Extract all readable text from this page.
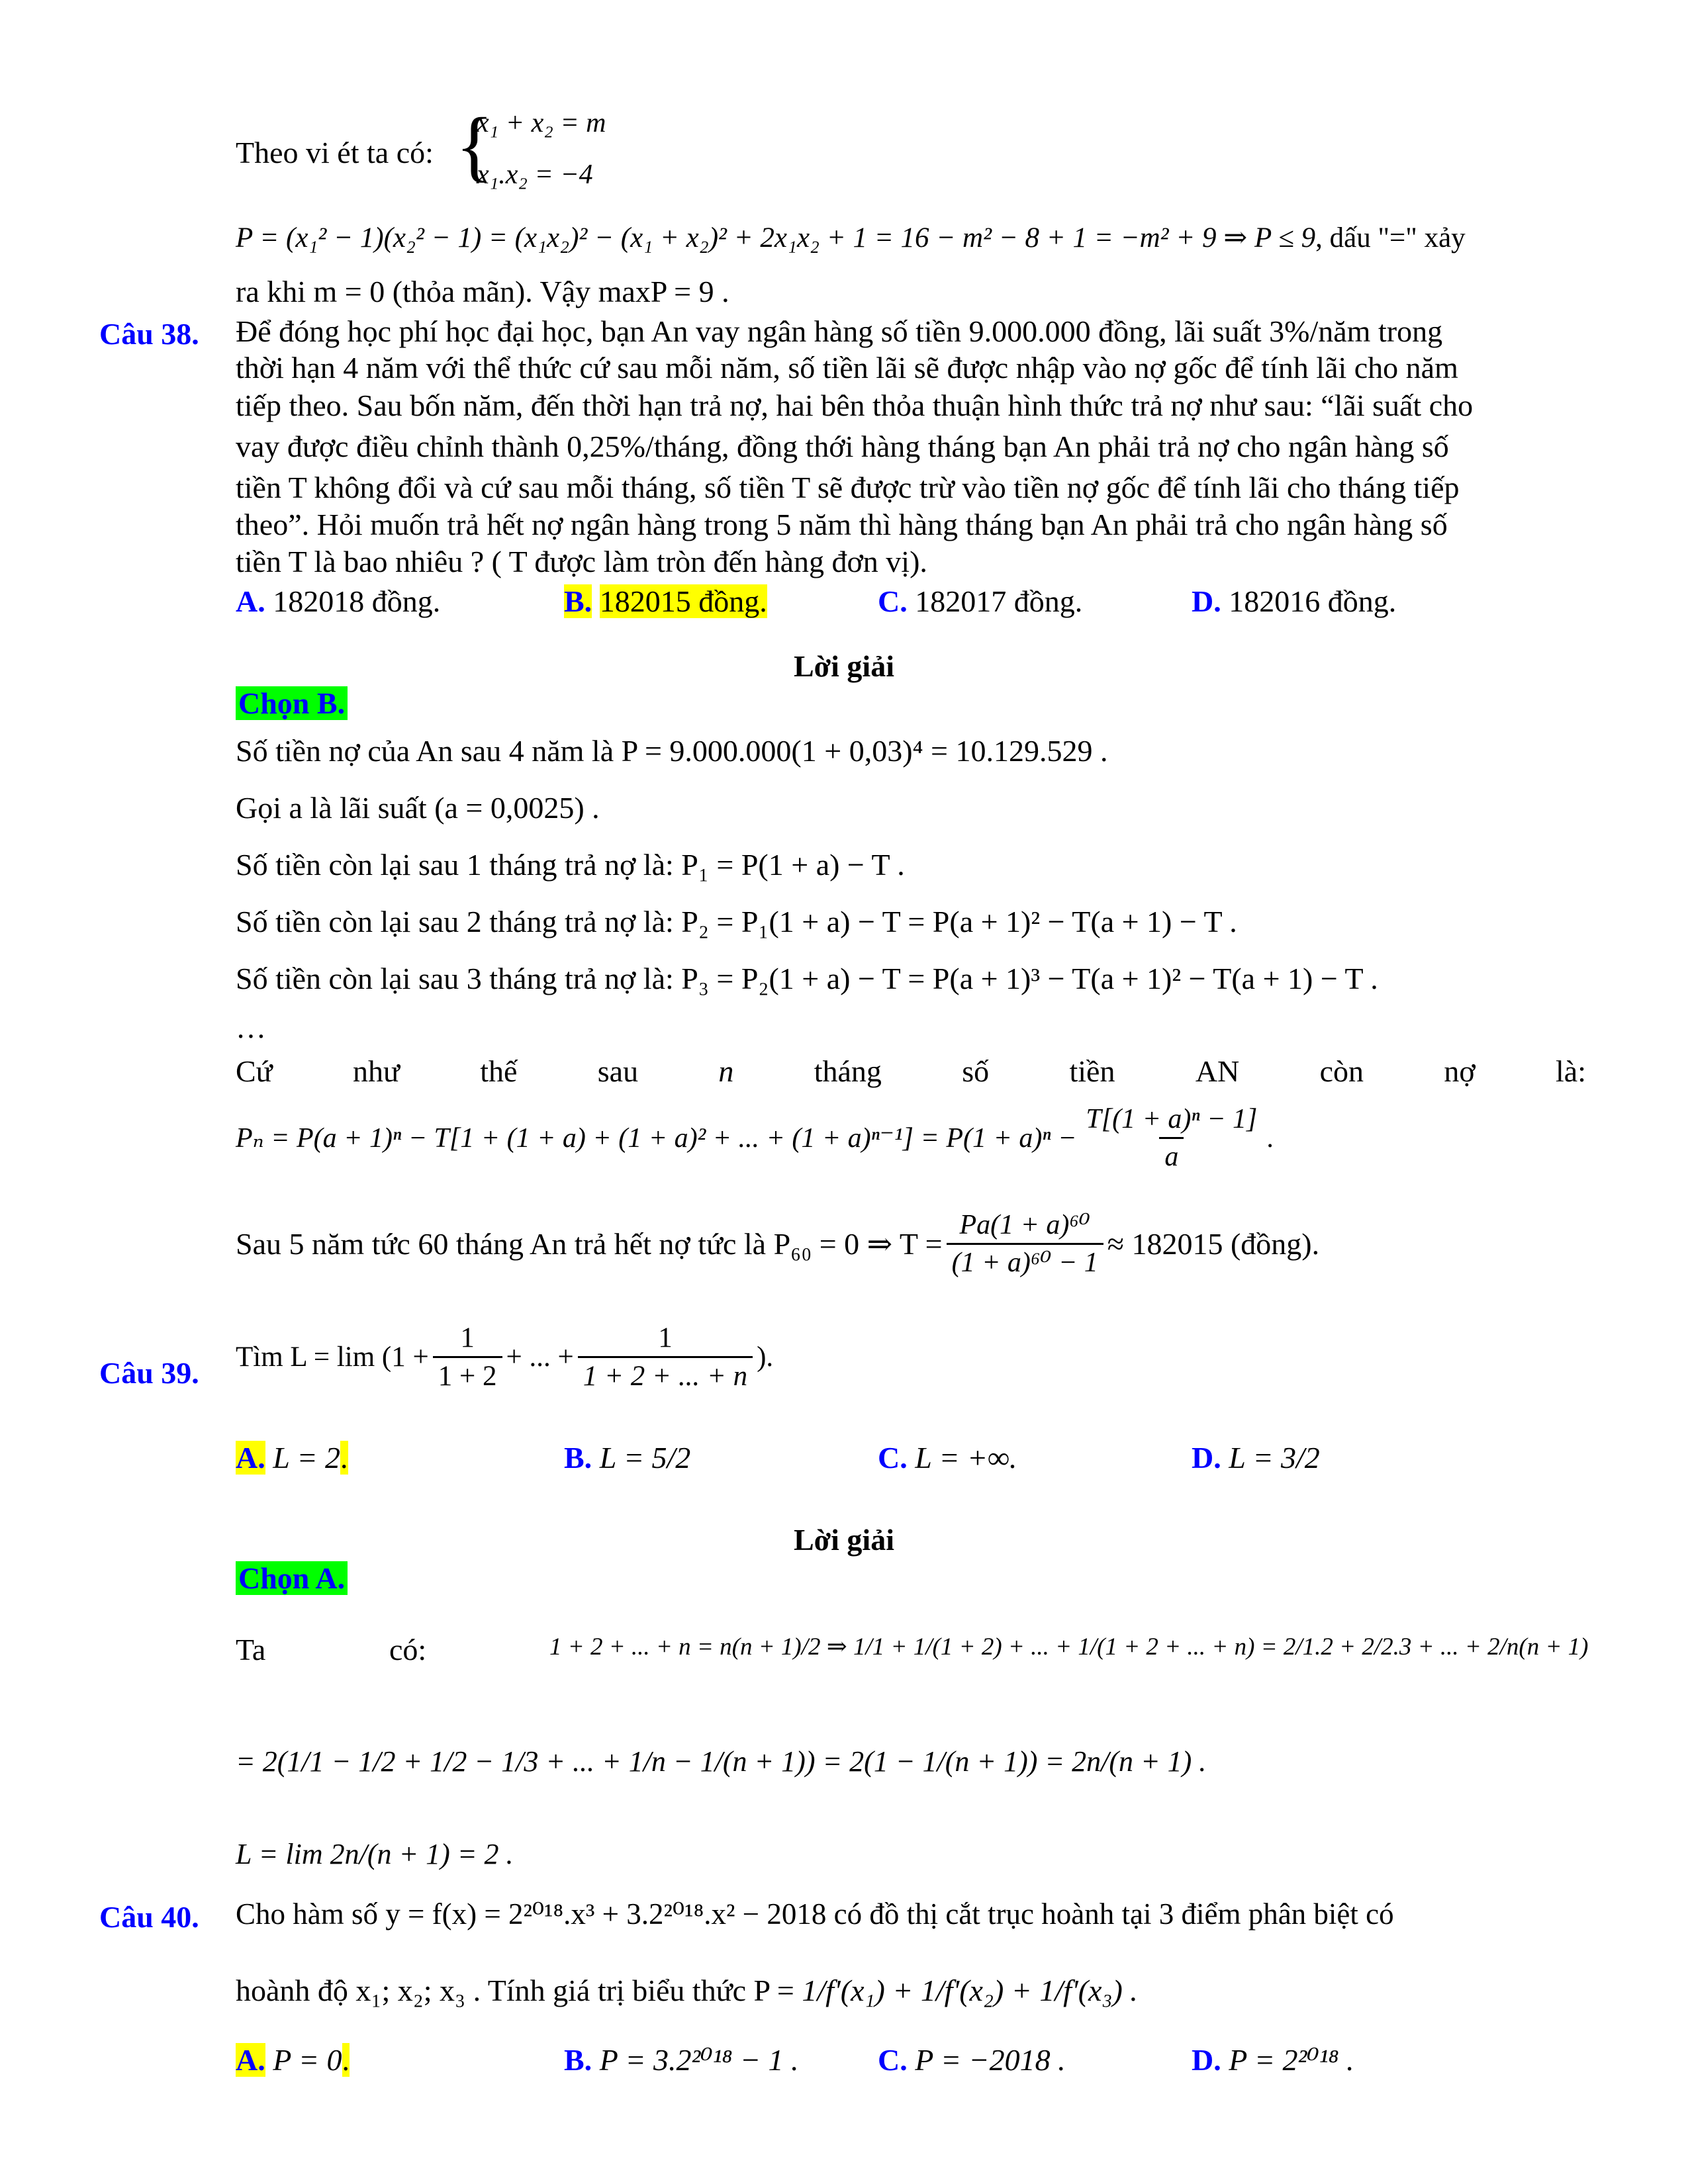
Theo vi ét ta có:
x₁ + x₂ = m
x₁.x₂ = −4
{
P = (x₁² − 1)(x₂² − 1) = (x₁x₂)² − (x₁ + x₂)² + 2x₁x₂ + 1 = 16 − m² − 8 + 1 = −m² + 9 ⇒ P ≤ 9, dấu "=" xảy
ra khi m = 0 (thỏa mãn). Vậy maxP = 9 .
Câu 38. Để đóng học phí học đại học, bạn An vay ngân hàng số tiền 9.000.000 đồng, lãi suất 3%/năm trong
thời hạn 4 năm với thể thức cứ sau mỗi năm, số tiền lãi sẽ được nhập vào nợ gốc để tính lãi cho năm
tiếp theo. Sau bốn năm, đến thời hạn trả nợ, hai bên thỏa thuận hình thức trả nợ như sau: “lãi suất cho
vay được điều chỉnh thành 0,25%/tháng, đồng thới hàng tháng bạn An phải trả nợ cho ngân hàng số
tiền T không đổi và cứ sau mỗi tháng, số tiền T sẽ được trừ vào tiền nợ gốc để tính lãi cho tháng tiếp
theo”. Hỏi muốn trả hết nợ ngân hàng trong 5 năm thì hàng tháng bạn An phải trả cho ngân hàng số
tiền T là bao nhiêu ? ( T được làm tròn đến hàng đơn vị).
A. 182018 đồng.	B. 182015 đồng.	C. 182017 đồng.	D. 182016 đồng.
Lời giải
Chọn B.
Số tiền nợ của An sau 4 năm là P = 9.000.000(1 + 0,03)⁴ = 10.129.529 .
Gọi a là lãi suất (a = 0,0025) .
Số tiền còn lại sau 1 tháng trả nợ là: P₁ = P(1 + a) − T .
Số tiền còn lại sau 2 tháng trả nợ là: P₂ = P₁(1 + a) − T = P(a + 1)² − T(a + 1) − T .
Số tiền còn lại sau 3 tháng trả nợ là: P₃ = P₂(1 + a) − T = P(a + 1)³ − T(a + 1)² − T(a + 1) − T .
…
Cứ	như	thế	sau	n	tháng	số	tiền	AN	còn	nợ	là:
Pₙ = P(a + 1)ⁿ − T[1 + (1 + a) + (1 + a)² + ... + $(1 + a)^{n-1}] = P(1 + a)^n - \frac{\text{T[(1 + a)ⁿ − 1]}}{a}$ .
Sau 5 năm tức 60 tháng An trả hết nợ tức là P₆₀ = 0 ⇒ $T = \frac{\text{Pa(1 + a)⁶⁰}}{\text{(1 + a)⁶⁰ − 1}} \approx 182015$ (đồng).
Câu 39. Tìm $L = \lim (1 + \frac{1}{1 + 2}$ + ... + $\frac{1}{1 + 2 + ... + n}$ ).
A. L = 2.	B. L = 5/2	C. L = +∞.	D. L = 3/2
Lời giải
Chọn A.
Ta	có:	1 + 2 + ... + n = n(n + 1)/2 ⇒ 1/1 + 1/(1 + 2) + ... + 1/(1 + 2 + ... + n) = 2/1.2 + 2/2.3 + ... + 2/n(n + 1)
= 2(1/1 − 1/2 + 1/2 − 1/3 + ... + 1/n − 1/(n + 1)) = 2(1 − 1/(n + 1)) = 2n/(n + 1) .
L = lim 2n/(n + 1) = 2 .
Câu 40. Cho hàm số y = f(x) = 2²⁰¹⁸.x³ + 3.2²⁰¹⁸.x² − 2018 có đồ thị cắt trục hoành tại 3 điểm phân biệt có
hoành độ x₁; x₂; x₃ . Tính giá trị biểu thức P = 1/f'(x₁) + 1/f'(x₂) + 1/f'(x₃) .
A. P = 0.	B. P = 3.2²⁰¹⁸ − 1 .	C. P = −2018 .	D. P = 2²⁰¹⁸ .
